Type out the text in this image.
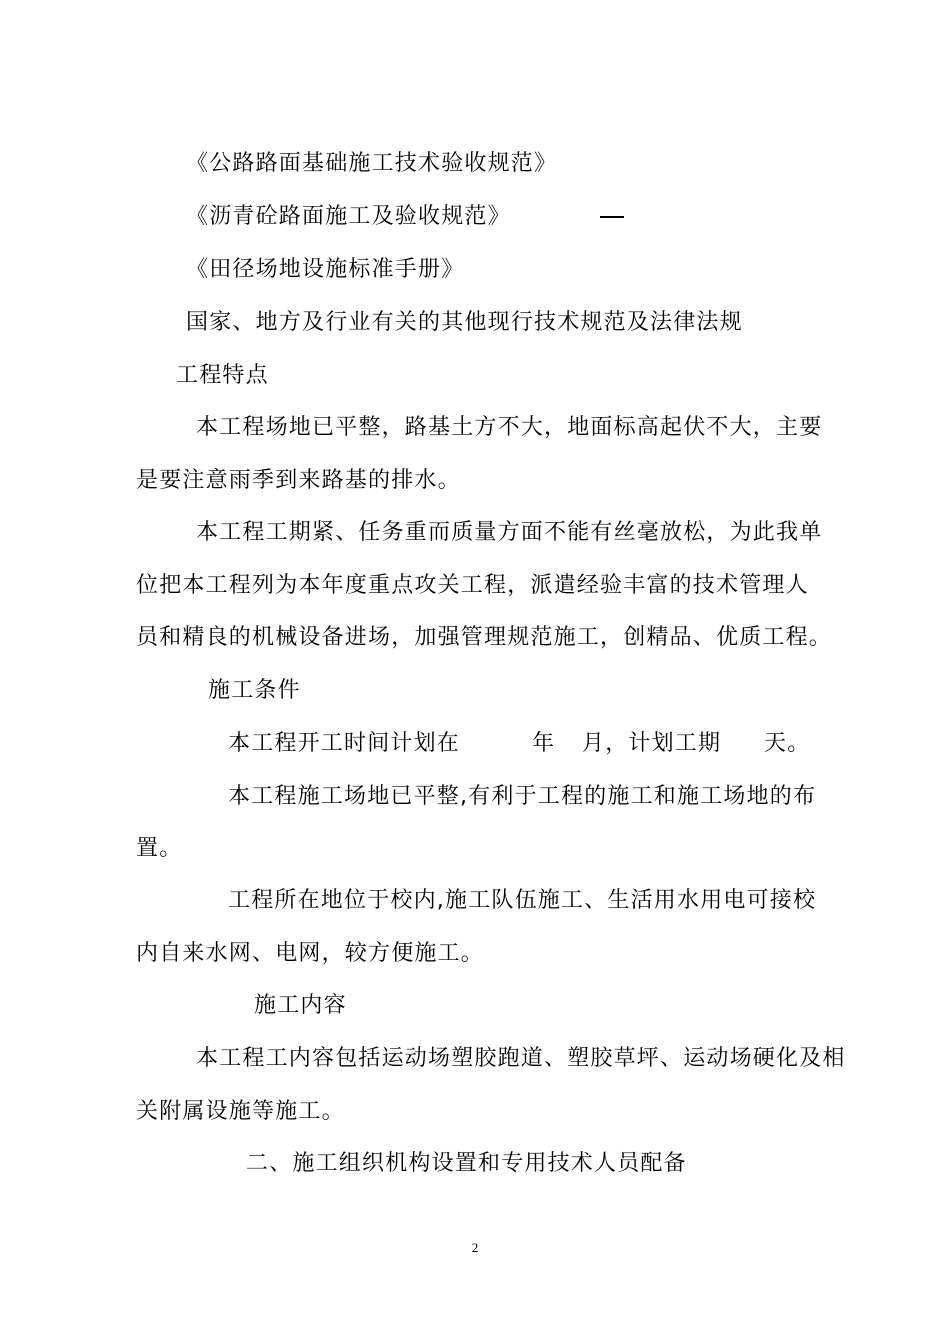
《公路路面基础施工技术验收规范》

《沥青砼路面施工及验收规范》

《田径场地设施标准手册》

国家、地方及行业有关的其他现行技术规范及法律法规

工程特点

本工程场地已平整，路基土方不大，地面标高起伏不大，主要

是要注意雨季到来路基的排水。

本工程工期紧、任务重而质量方面不能有丝毫放松，为此我单

位把本工程列为本年度重点攻关工程，派遣经验丰富的技术管理人

员和精良的机械设备进场，加强管理规范施工，创精品、优质工程。

施工条件

本工程开工时间计划在	年 月，计划工期 天。

本工程施工场地已平整,有利于工程的施工和施工场地的布

置。

工程所在地位于校内,施工队伍施工、生活用水用电可接校

内自来水网、电网，较方便施工。

施工内容

本工程工内容包括运动场塑胶跑道、塑胶草坪、运动场硬化及相

关附属设施等施工。

二、施工组织机构设置和专用技术人员配备

2
